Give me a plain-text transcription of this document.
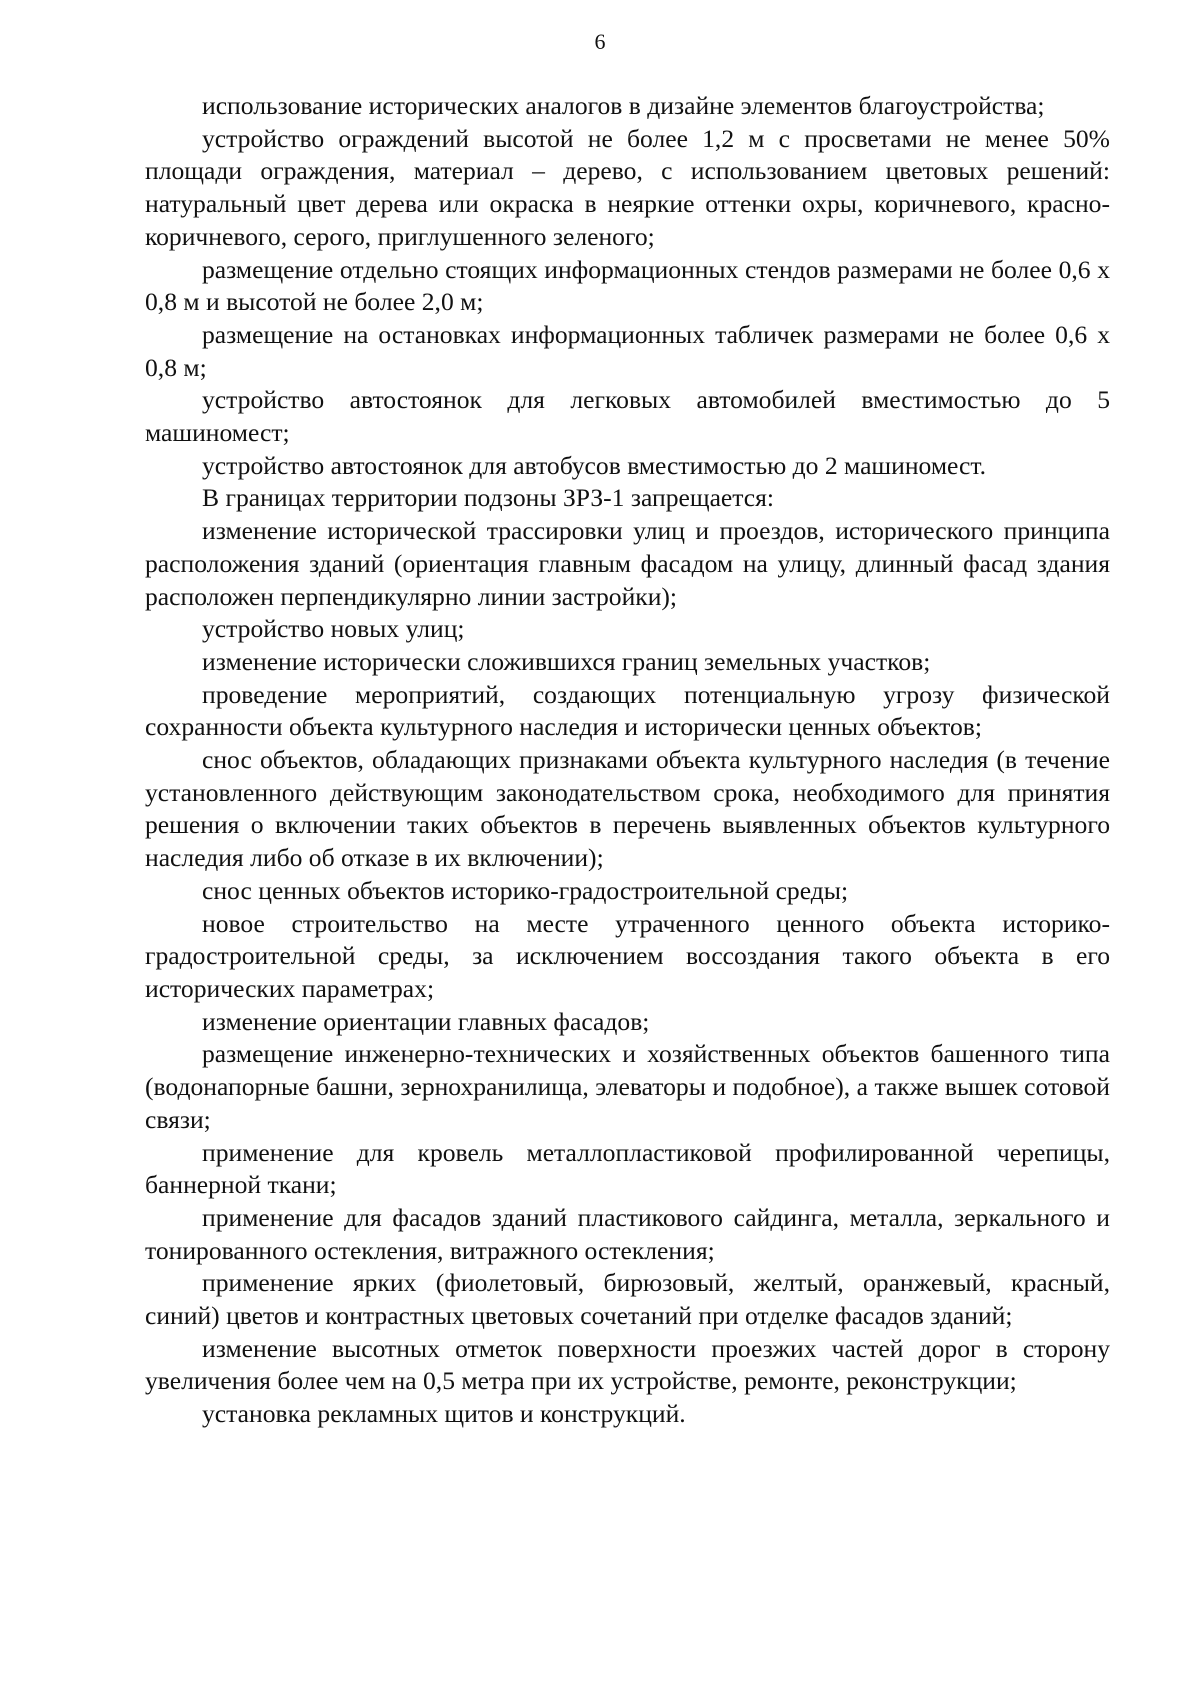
6

использование исторических аналогов в дизайне элементов благоустройства;

устройство ограждений высотой не более 1,2 м с просветами не менее 50% площади ограждения, материал – дерево, с использованием цветовых решений: натуральный цвет дерева или окраска в неяркие оттенки охры, коричневого, красно-коричневого, серого, приглушенного зеленого;

размещение отдельно стоящих информационных стендов размерами не более 0,6 х 0,8 м и высотой не более 2,0 м;

размещение на остановках информационных табличек размерами не более 0,6 х 0,8 м;

устройство автостоянок для легковых автомобилей вместимостью до 5 машиномест;

устройство автостоянок для автобусов вместимостью до 2 машиномест.

В границах территории подзоны ЗРЗ-1 запрещается:

изменение исторической трассировки улиц и проездов, исторического принципа расположения зданий (ориентация главным фасадом на улицу, длинный фасад здания расположен перпендикулярно линии застройки);

устройство новых улиц;

изменение исторически сложившихся границ земельных участков;

проведение мероприятий, создающих потенциальную угрозу физической сохранности объекта культурного наследия и исторически ценных объектов;

снос объектов, обладающих признаками объекта культурного наследия (в течение установленного действующим законодательством срока, необходимого для принятия решения о включении таких объектов в перечень выявленных объектов культурного наследия либо об отказе в их включении);

снос ценных объектов историко-градостроительной среды;

новое строительство на месте утраченного ценного объекта историко-градостроительной среды, за исключением воссоздания такого объекта в его исторических параметрах;

изменение ориентации главных фасадов;

размещение инженерно-технических и хозяйственных объектов башенного типа (водонапорные башни, зернохранилища, элеваторы и подобное), а также вышек сотовой связи;

применение для кровель металлопластиковой профилированной черепицы, баннерной ткани;

применение для фасадов зданий пластикового сайдинга, металла, зеркального и тонированного остекления, витражного остекления;

применение ярких (фиолетовый, бирюзовый, желтый, оранжевый, красный, синий) цветов и контрастных цветовых сочетаний при отделке фасадов зданий;

изменение высотных отметок поверхности проезжих частей дорог в сторону увеличения более чем на 0,5 метра при их устройстве, ремонте, реконструкции;

установка рекламных щитов и конструкций.
